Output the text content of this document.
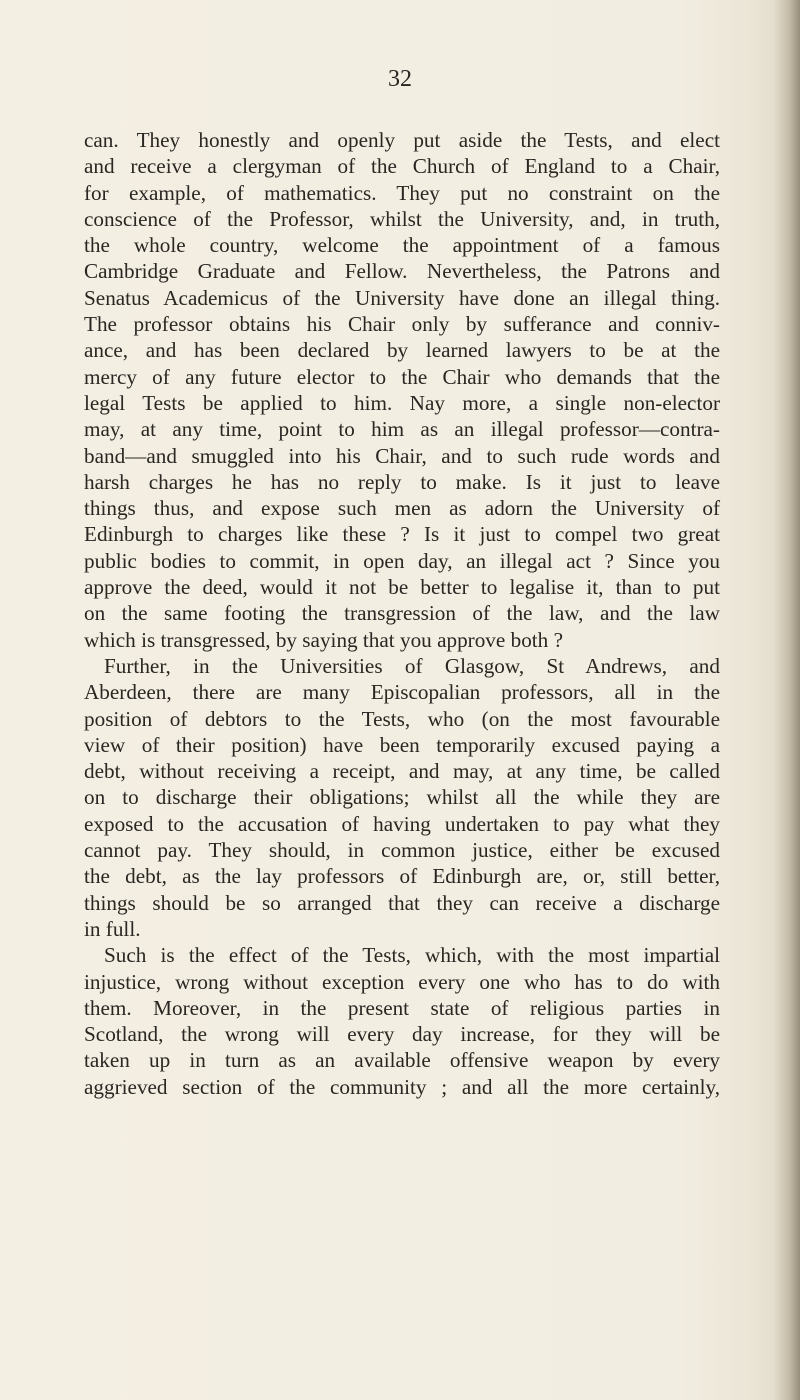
32

can. They honestly and openly put aside the Tests, and elect
and receive a clergyman of the Church of England to a Chair,
for example, of mathematics. They put no constraint on the
conscience of the Professor, whilst the University, and, in truth,
the whole country, welcome the appointment of a famous
Cambridge Graduate and Fellow. Nevertheless, the Patrons and
Senatus Academicus of the University have done an illegal thing.
The professor obtains his Chair only by sufferance and conniv-
ance, and has been declared by learned lawyers to be at the
mercy of any future elector to the Chair who demands that the
legal Tests be applied to him. Nay more, a single non-elector
may, at any time, point to him as an illegal professor—contra-
band—and smuggled into his Chair, and to such rude words and
harsh charges he has no reply to make. Is it just to leave
things thus, and expose such men as adorn the University of
Edinburgh to charges like these ? Is it just to compel two great
public bodies to commit, in open day, an illegal act ? Since you
approve the deed, would it not be better to legalise it, than to put
on the same footing the transgression of the law, and the law
which is transgressed, by saying that you approve both ?
Further, in the Universities of Glasgow, St Andrews, and
Aberdeen, there are many Episcopalian professors, all in the
position of debtors to the Tests, who (on the most favourable
view of their position) have been temporarily excused paying a
debt, without receiving a receipt, and may, at any time, be called
on to discharge their obligations; whilst all the while they are
exposed to the accusation of having undertaken to pay what they
cannot pay. They should, in common justice, either be excused
the debt, as the lay professors of Edinburgh are, or, still better,
things should be so arranged that they can receive a discharge
in full.
Such is the effect of the Tests, which, with the most impartial
injustice, wrong without exception every one who has to do with
them. Moreover, in the present state of religious parties in
Scotland, the wrong will every day increase, for they will be
taken up in turn as an available offensive weapon by every
aggrieved section of the community ; and all the more certainly,
